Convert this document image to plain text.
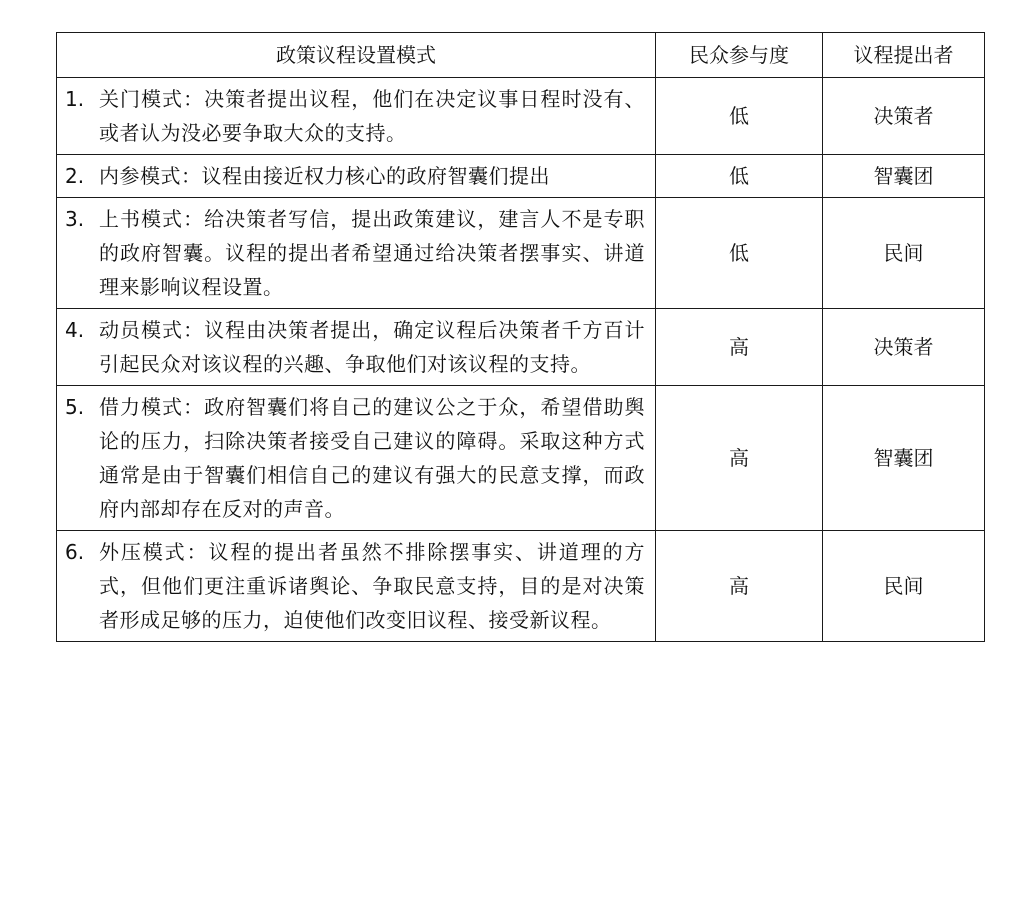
政策议程设置模式	民众参与度	议程提出者

1. 关门模式：决策者提出议程，他们在决定议事日程时没有、或者认为没必要争取大众的支持。	低	决策者

2. 内参模式：议程由接近权力核心的政府智囊们提出	低	智囊团

3. 上书模式：给决策者写信，提出政策建议，建言人不是专职的政府智囊。议程的提出者希望通过给决策者摆事实、讲道理来影响议程设置。	低	民间

4. 动员模式：议程由决策者提出，确定议程后决策者千方百计引起民众对该议程的兴趣、争取他们对该议程的支持。	高	决策者

5. 借力模式：政府智囊们将自己的建议公之于众，希望借助舆论的压力，扫除决策者接受自己建议的障碍。采取这种方式通常是由于智囊们相信自己的建议有强大的民意支撑，而政府内部却存在反对的声音。	高	智囊团

6. 外压模式：议程的提出者虽然不排除摆事实、讲道理的方式，但他们更注重诉诸舆论、争取民意支持，目的是对决策者形成足够的压力，迫使他们改变旧议程、接受新议程。	高	民间
